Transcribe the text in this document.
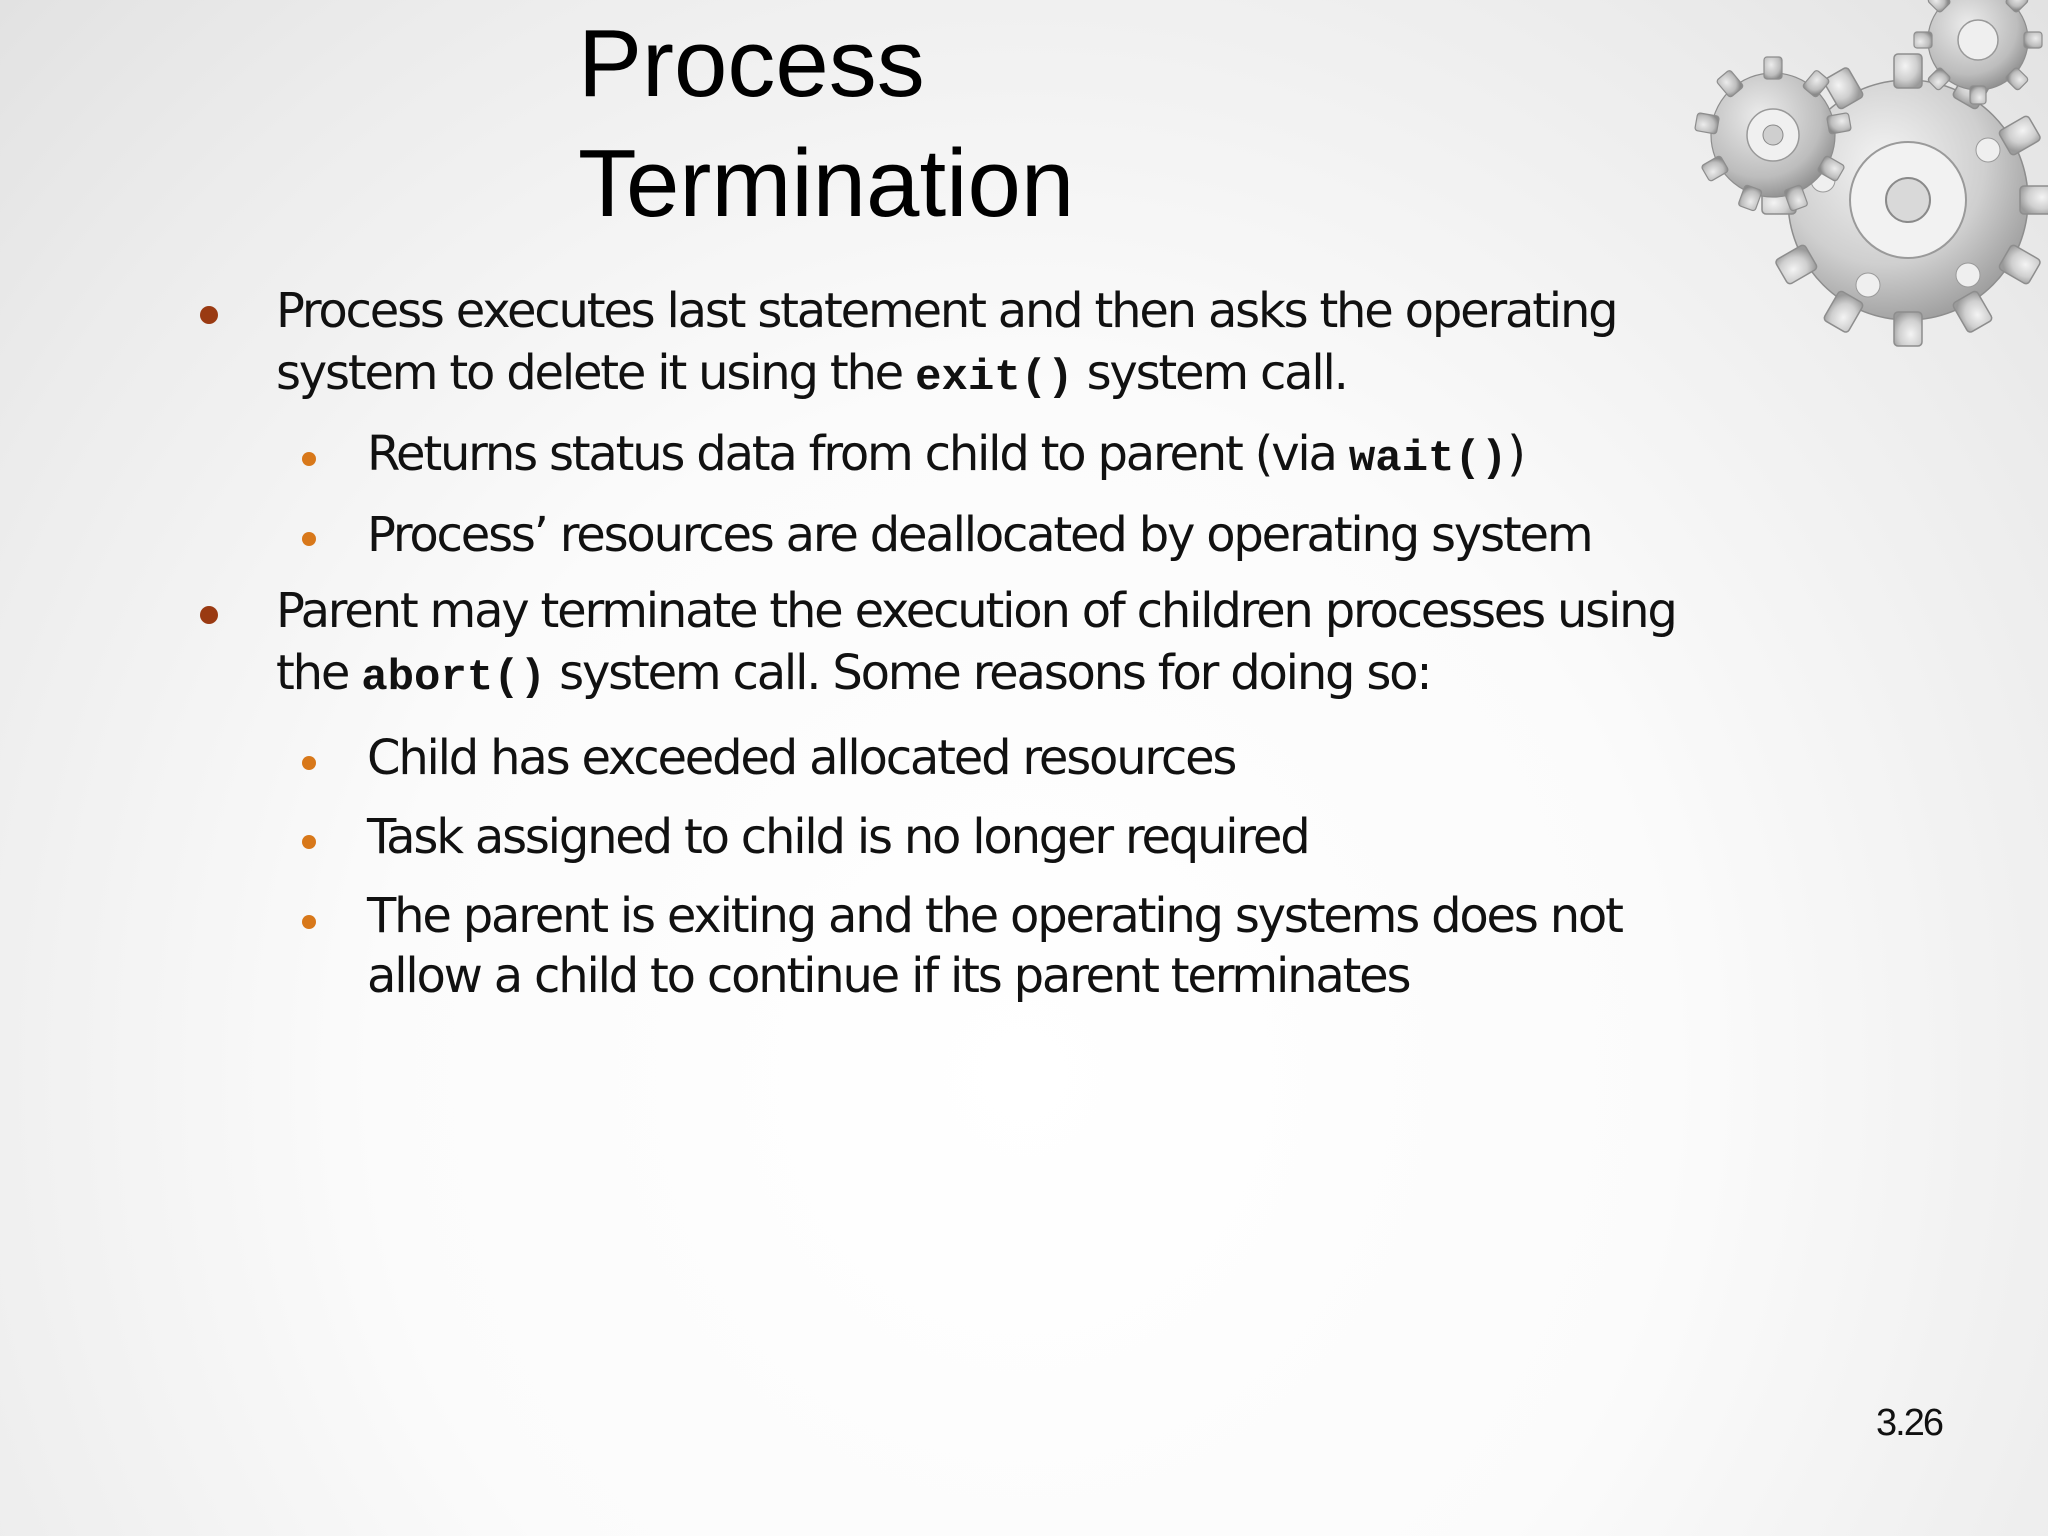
Process
Termination
Process executes last statement and then asks the operating system to delete it using the exit() system call.
Returns status data from child to parent (via wait())
Process’ resources are deallocated by operating system
Parent may terminate the execution of children processes using the abort() system call. Some reasons for doing so:
Child has exceeded allocated resources
Task assigned to child is no longer required
The parent is exiting and the operating systems does not allow a child to continue if its parent terminates
3.26
